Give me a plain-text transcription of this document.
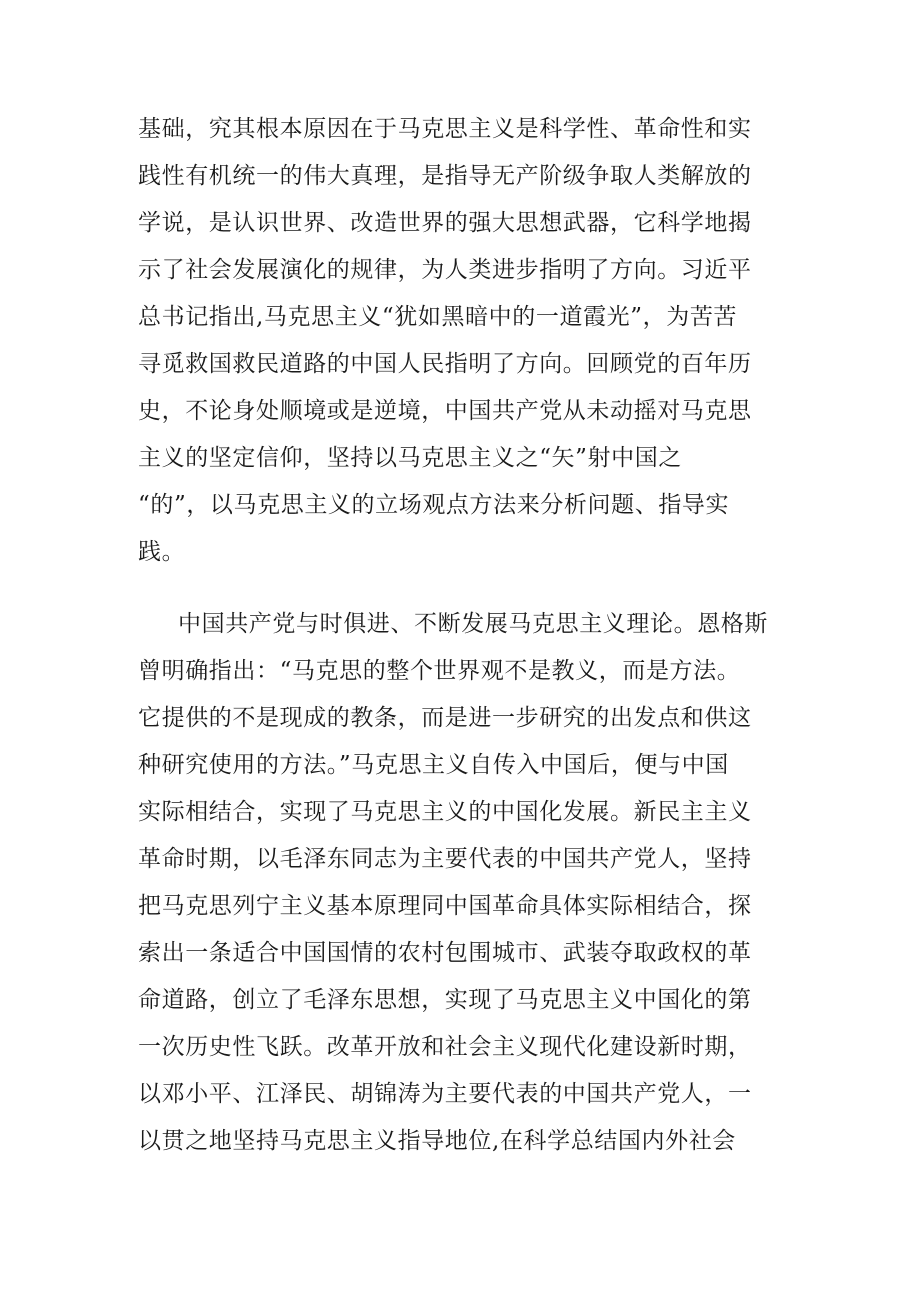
基础，究其根本原因在于马克思主义是科学性、革命性和实
践性有机统一的伟大真理，是指导无产阶级争取人类解放的
学说，是认识世界、改造世界的强大思想武器，它科学地揭
示了社会发展演化的规律，为人类进步指明了方向。习近平
总书记指出,马克思主义“犹如黑暗中的一道霞光”，为苦苦
寻觅救国救民道路的中国人民指明了方向。回顾党的百年历
史，不论身处顺境或是逆境，中国共产党从未动摇对马克思
主义的坚定信仰，坚持以马克思主义之“矢”射中国之
“的”，以马克思主义的立场观点方法来分析问题、指导实
践。
中国共产党与时俱进、不断发展马克思主义理论。恩格斯
曾明确指出：“马克思的整个世界观不是教义，而是方法。
它提供的不是现成的教条，而是进一步研究的出发点和供这
种研究使用的方法。”马克思主义自传入中国后，便与中国
实际相结合，实现了马克思主义的中国化发展。新民主主义
革命时期，以毛泽东同志为主要代表的中国共产党人，坚持
把马克思列宁主义基本原理同中国革命具体实际相结合，探
索出一条适合中国国情的农村包围城市、武装夺取政权的革
命道路，创立了毛泽东思想，实现了马克思主义中国化的第
一次历史性飞跃。改革开放和社会主义现代化建设新时期，
以邓小平、江泽民、胡锦涛为主要代表的中国共产党人，一
以贯之地坚持马克思主义指导地位,在科学总结国内外社会
